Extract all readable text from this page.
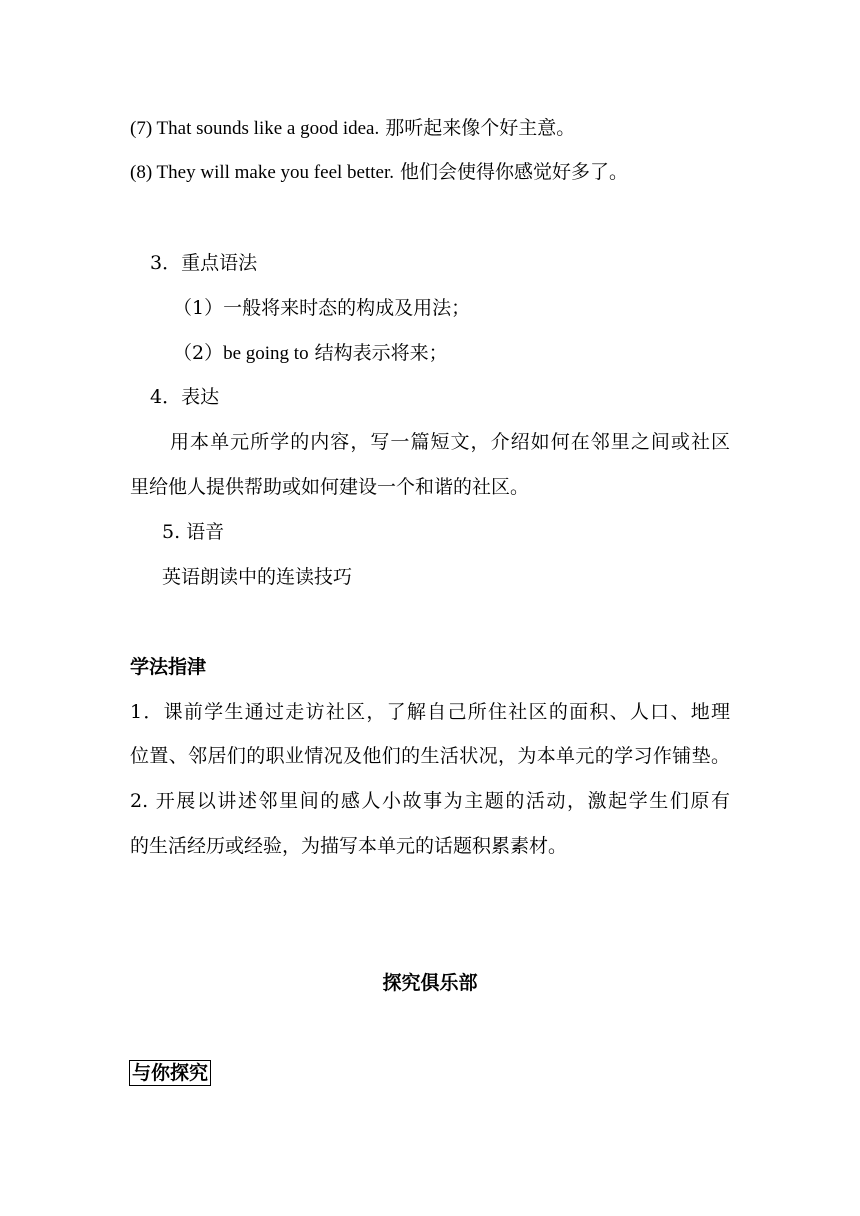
(7) That sounds like a good idea. 那听起来像个好主意。
(8) They will make you feel better. 他们会使得你感觉好多了。
3．重点语法
（1）一般将来时态的构成及用法；
（2）be going to 结构表示将来；
4．表达
用本单元所学的内容，写一篇短文，介绍如何在邻里之间或社区
里给他人提供帮助或如何建设一个和谐的社区。
5. 语音
英语朗读中的连读技巧
学法指津
1．课前学生通过走访社区，了解自己所住社区的面积、人口、地理
位置、邻居们的职业情况及他们的生活状况，为本单元的学习作铺垫。
2. 开展以讲述邻里间的感人小故事为主题的活动，激起学生们原有
的生活经历或经验，为描写本单元的话题积累素材。
探究俱乐部
与你探究
